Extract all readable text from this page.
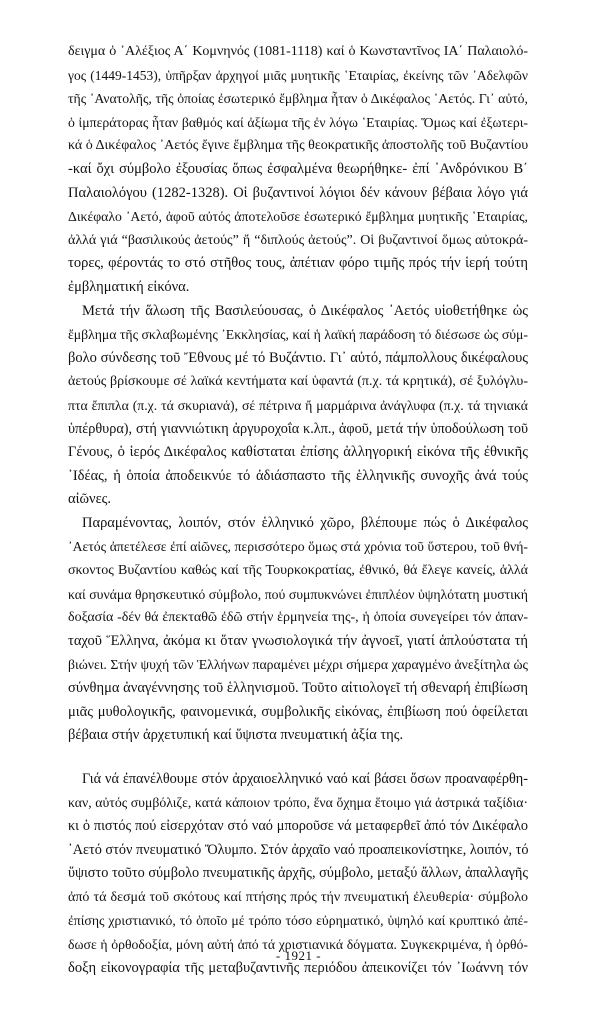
δειγμα ὁ ᾿Αλέξιος Α΄ Κομνηνός (1081-1118) καί ὁ Κωνσταντῖνος ΙΑ΄ Παλαιολό-
γος (1449-1453), ὑπῆρξαν ἀρχηγοί μιᾶς μυητικῆς ῾Εταιρίας, ἐκείνης τῶν ᾿Αδελφῶν
τῆς ᾿Ανατολῆς, τῆς ὁποίας ἐσωτερικό ἔμβλημα ἦταν ὁ Δικέφαλος ᾿Αετός. Γι᾿ αὐτό,
ὁ ἰμπεράτορας ἦταν βαθμός καί ἀξίωμα τῆς ἐν λόγω ῾Εταιρίας. Ὅμως καί ἐξωτερι-
κά ὁ Δικέφαλος ᾿Αετός ἔγινε ἔμβλημα τῆς θεοκρατικῆς ἀποστολῆς τοῦ Βυζαντίου
-καί ὄχι σύμβολο ἐξουσίας ὅπως ἐσφαλμένα θεωρήθηκε- ἐπί ᾿Ανδρόνικου Β΄
Παλαιολόγου (1282-1328). Οἱ βυζαντινοί λόγιοι δέν κάνουν βέβαια λόγο γιά
Δικέφαλο ᾿Αετό, ἀφοῦ αὐτός ἀποτελοῦσε ἐσωτερικό ἔμβλημα μυητικῆς ῾Εταιρίας,
ἀλλά γιά “βασιλικούς ἀετούς” ἤ “διπλούς ἀετούς”. Οἱ βυζαντινοί ὅμως αὐτοκρά-
τορες, φέροντάς το στό στῆθος τους, ἀπέτιαν φόρο τιμῆς πρός τήν ἱερή τούτη
ἐμβληματική εἰκόνα.

Μετά τήν ἅλωση τῆς Βασιλεύουσας, ὁ Δικέφαλος ᾿Αετός υἱοθετήθηκε ὡς
ἔμβλημα τῆς σκλαβωμένης ᾿Εκκλησίας, καί ἡ λαϊκή παράδοση τό διέσωσε ὡς σύμ-
βολο σύνδεσης τοῦ Ἔθνους μέ τό Βυζάντιο. Γι᾿ αὐτό, πάμπολλους δικέφαλους
ἀετούς βρίσκουμε σέ λαϊκά κεντήματα καί ὑφαντά (π.χ. τά κρητικά), σέ ξυλόγλυ-
πτα ἔπιπλα (π.χ. τά σκυριανά), σέ πέτρινα ἤ μαρμάρινα ἀνάγλυφα (π.χ. τά τηνιακά
ὑπέρθυρα), στή γιαννιώτικη ἀργυροχοΐα κ.λπ., ἀφοῦ, μετά τήν ὑποδούλωση τοῦ
Γένους, ὁ ἱερός Δικέφαλος καθίσταται ἐπίσης ἀλληγορική εἰκόνα τῆς ἐθνικῆς
᾿Ιδέας, ἡ ὁποία ἀποδεικνύε τό ἀδιάσπαστο τῆς ἑλληνικῆς συνοχῆς ἀνά τούς
αἰῶνες.

Παραμένοντας, λοιπόν, στόν ἑλληνικό χῶρο, βλέπουμε πώς ὁ Δικέφαλος
᾿Αετός ἀπετέλεσε ἐπί αἰῶνες, περισσότερο ὅμως στά χρόνια τοῦ ὕστερου, τοῦ θνή-
σκοντος Βυζαντίου καθώς καί τῆς Τουρκοκρατίας, ἐθνικό, θά ἔλεγε κανείς, ἀλλά
καί συνάμα θρησκευτικό σύμβολο, πού συμπυκνώνει ἐπιπλέον ὑψηλότατη μυστική
δοξασία -δέν θά ἐπεκταθῶ ἐδῶ στήν ἑρμηνεία της-, ἡ ὁποία συνεγείρει τόν ἁπαν-
ταχοῦ Ἕλληνα, ἀκόμα κι ὅταν γνωσιολογικά τήν ἀγνοεῖ, γιατί ἁπλούστατα τή
βιώνει. Στήν ψυχή τῶν Ἑλλήνων παραμένει μέχρι σήμερα χαραγμένο ἀνεξίτηλα ὡς
σύνθημα ἀναγέννησης τοῦ ἑλληνισμοῦ. Τοῦτο αἰτιολογεῖ τή σθεναρή ἐπιβίωση
μιᾶς μυθολογικῆς, φαινομενικά, συμβολικῆς εἰκόνας, ἐπιβίωση πού ὀφείλεται
βέβαια στήν ἀρχετυπική καί ὕψιστα πνευματική ἀξία της.

Γιά νά ἐπανέλθουμε στόν ἀρχαιοελληνικό ναό καί βάσει ὅσων προαναφέρθη-
καν, αὐτός συμβόλιζε, κατά κάποιον τρόπο, ἕνα ὄχημα ἕτοιμο γιά ἀστρικά ταξίδια·
κι ὁ πιστός πού εἰσερχόταν στό ναό μποροῦσε νά μεταφερθεῖ ἀπό τόν Δικέφαλο
᾿Αετό στόν πνευματικό Ὄλυμπο. Στόν ἀρχαῖο ναό προαπεικονίστηκε, λοιπόν, τό
ὕψιστο τοῦτο σύμβολο πνευματικῆς ἀρχῆς, σύμβολο, μεταξύ ἄλλων, ἀπαλλαγῆς
ἀπό τά δεσμά τοῦ σκότους καί πτήσης πρός τήν πνευματική ἐλευθερία· σύμβολο
ἐπίσης χριστιανικό, τό ὁποῖο μέ τρόπο τόσο εὐρηματικό, ὑψηλό καί κρυπτικό ἀπέ-
δωσε ἡ ὀρθοδοξία, μόνη αὐτή ἀπό τά χριστιανικά δόγματα. Συγκεκριμένα, ἡ ὀρθό-
δοξη εἰκονογραφία τῆς μεταβυζαντινῆς περιόδου ἀπεικονίζει τόν ᾿Ιωάννη τόν

- 1921 -
